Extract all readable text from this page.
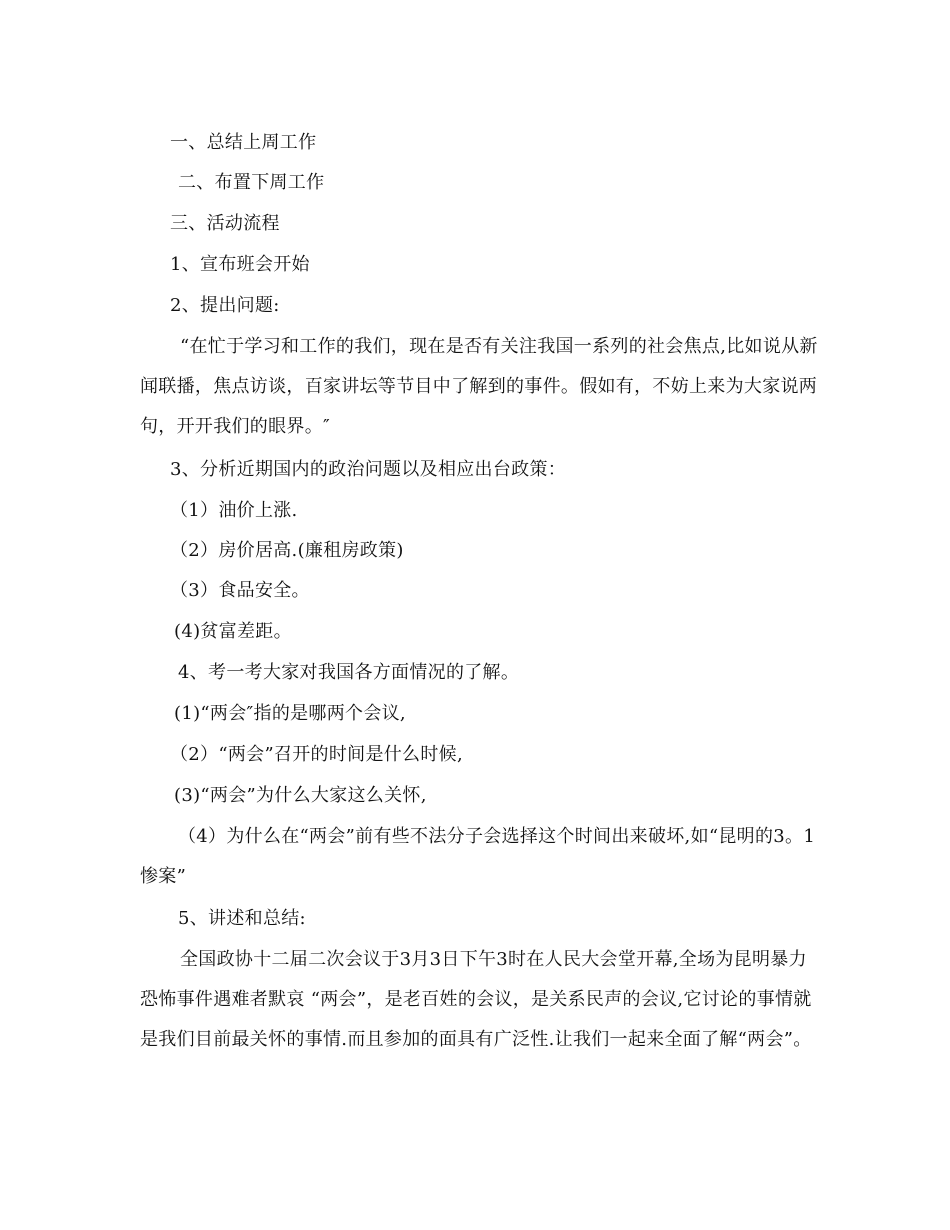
一、总结上周工作
二、布置下周工作
三、活动流程
1、宣布班会开始
2、提出问题:
“在忙于学习和工作的我们，现在是否有关注我国一系列的社会焦点,比如说从新闻联播，焦点访谈，百家讲坛等节目中了解到的事件。假如有，不妨上来为大家说两句，开开我们的眼界。″
3、分析近期国内的政治问题以及相应出台政策：
（1）油价上涨.
（2）房价居高.(廉租房政策)
（3）食品安全。
(4)贫富差距。
4、考一考大家对我国各方面情况的了解。
(1)“两会″指的是哪两个会议,
（2）“两会”召开的时间是什么时候,
(3)“两会”为什么大家这么关怀,
（4）为什么在“两会”前有些不法分子会选择这个时间出来破坏,如“昆明的3。1惨案”
5、讲述和总结:
全国政协十二届二次会议于3月3日下午3时在人民大会堂开幕,全场为昆明暴力恐怖事件遇难者默哀 “两会”，是老百姓的会议，是关系民声的会议,它讨论的事情就是我们目前最关怀的事情.而且参加的面具有广泛性.让我们一起来全面了解“两会”。
